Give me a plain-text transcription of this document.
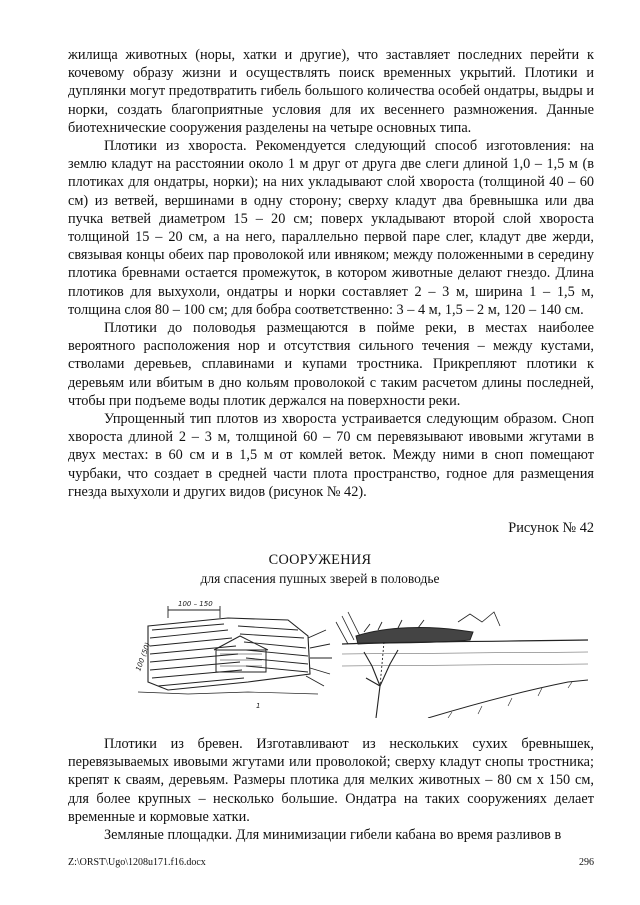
жилища животных (норы, хатки и другие), что заставляет последних перейти к кочевому образу жизни и осуществлять поиск временных укрытий. Плотики и дуплянки могут предотвратить гибель большого количества особей ондатры, выдры и норки, создать благоприятные условия для их весеннего размножения. Данные биотехнические сооружения разделены на четыре основных типа.

Плотики из хвороста. Рекомендуется следующий способ изготовления: на землю кладут на расстоянии около 1 м друг от друга две слеги длиной 1,0 – 1,5 м (в плотиках для ондатры, норки); на них укладывают слой хвороста (толщиной 40 – 60 см) из ветвей, вершинами в одну сторону; сверху кладут два бревнышка или два пучка ветвей диаметром 15 – 20 см; поверх укладывают второй слой хвороста толщиной 15 – 20 см, а на него, параллельно первой паре слег, кладут две жерди, связывая концы обеих пар проволокой или ивняком; между положенными в середину плотика бревнами остается промежуток, в котором животные делают гнездо. Длина плотиков для выхухоли, ондатры и норки составляет 2 – 3 м, ширина 1 – 1,5 м, толщина слоя 80 – 100 см; для бобра соответственно: 3 – 4 м, 1,5 – 2 м, 120 – 140 см.

Плотики до половодья размещаются в пойме реки, в местах наиболее вероятного расположения нор и отсутствия сильного течения – между кустами, стволами деревьев, сплавинами и купами тростника. Прикрепляют плотики к деревьям или вбитым в дно кольям проволокой с таким расчетом длины последней, чтобы при подъеме воды плотик держался на поверхности реки.

Упрощенный тип плотов из хвороста устраивается следующим образом. Сноп хвороста длиной 2 – 3 м, толщиной 60 – 70 см перевязывают ивовыми жгутами в двух местах: в 60 см и в 1,5 м от комлей веток. Между ними в сноп помещают чурбаки, что создает в средней части плота пространство, годное для размещения гнезда выхухоли и других видов (рисунок № 42).

Рисунок № 42
СООРУЖЕНИЯ
для спасения пушных зверей в половодье
100 – 150
100 (50)
1

Плотики из бревен. Изготавливают из нескольких сухих бревнышек, перевязываемых ивовыми жгутами или проволокой; сверху кладут снопы тростника; крепят к сваям, деревьям. Размеры плотика для мелких животных – 80 см х 150 см, для более крупных – несколько большие. Ондатра на таких сооружениях делает временные и кормовые хатки.

Земляные площадки. Для минимизации гибели кабана во время разливов в

Z:\ORST\Ugo\1208u171.f16.docx	296
